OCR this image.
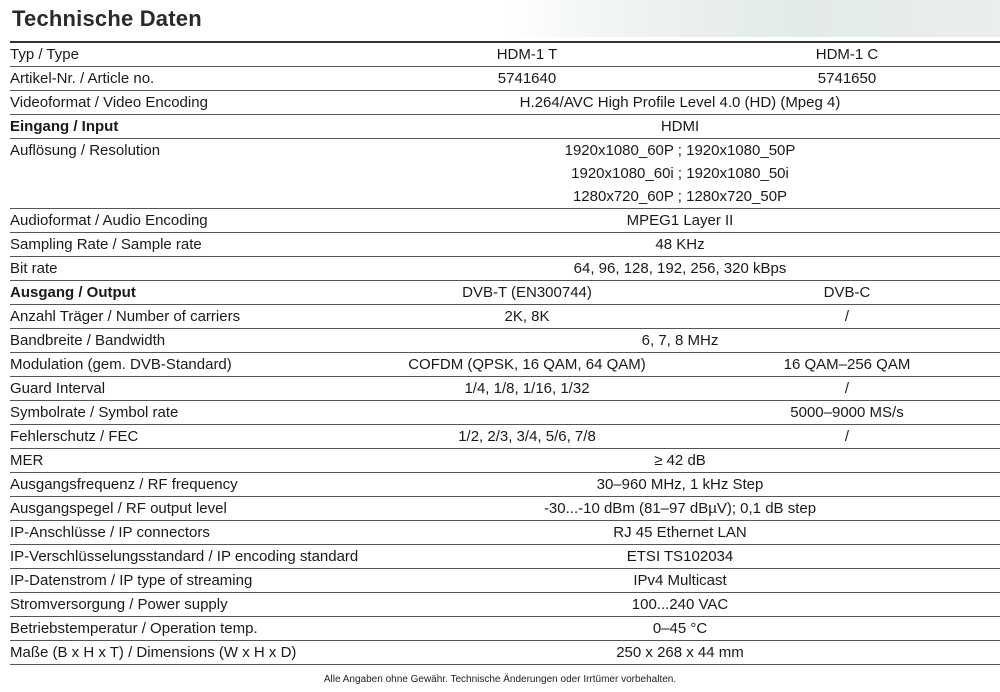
Technische Daten
Typ / Type	HDM-1 T	HDM-1 C
Artikel-Nr. / Article no.	5741640	5741650
Videoformat / Video Encoding	H.264/AVC High Profile Level 4.0 (HD) (Mpeg 4)	
Eingang / Input	HDMI	
Auflösung / Resolution	1920x1080_60P ; 1920x1080_50P	
	1920x1080_60i ; 1920x1080_50i	
	1280x720_60P ; 1280x720_50P	
Audioformat / Audio Encoding	MPEG1 Layer II	
Sampling Rate / Sample rate	48 KHz	
Bit rate	64, 96, 128, 192, 256, 320 kBps	
Ausgang / Output	DVB-T (EN300744)	DVB-C
Anzahl Träger / Number of carriers	2K, 8K	/
Bandbreite / Bandwidth	6, 7, 8 MHz	
Modulation (gem. DVB-Standard)	COFDM (QPSK, 16 QAM, 64 QAM)	16 QAM–256 QAM
Guard Interval	1/4, 1/8, 1/16, 1/32	/
Symbolrate / Symbol rate		5000–9000 MS/s
Fehlerschutz / FEC	1/2, 2/3, 3/4, 5/6, 7/8	/
MER	≥ 42 dB	
Ausgangsfrequenz / RF frequency	30–960 MHz, 1 kHz Step	
Ausgangspegel / RF output level	-30...-10 dBm (81–97 dBµV); 0,1 dB step	
IP-Anschlüsse / IP connectors	RJ 45 Ethernet LAN	
IP-Verschlüsselungsstandard / IP encoding standard	ETSI TS102034	
IP-Datenstrom / IP type of streaming	IPv4 Multicast	
Stromversorgung / Power supply	100...240 VAC	
Betriebstemperatur / Operation temp.	0–45 °C	
Maße (B x H x T) / Dimensions (W x H x D)	250 x 268 x 44 mm	
Alle Angaben ohne Gewähr. Technische Änderungen oder Irrtümer vorbehalten.
